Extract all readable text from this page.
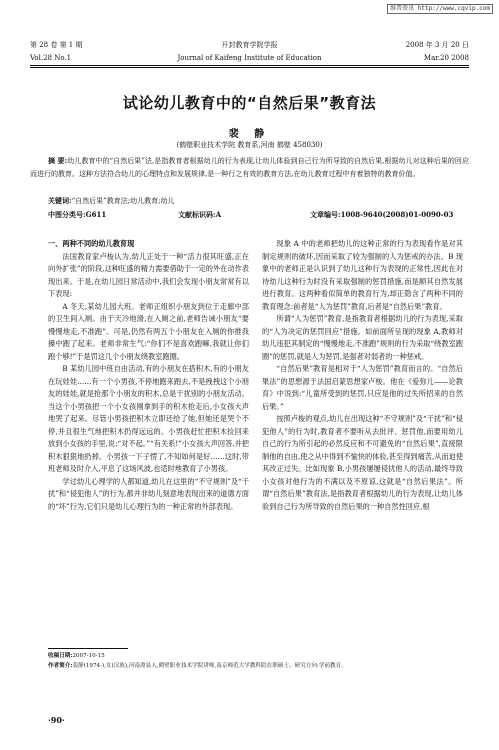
维普资讯 http://www.cqvip.com
第 28 卷 第 1 期	开封教育学院学报	2008 年 3 月 20 日
Vol.28 No.1	Journal of Kaifeng Institute of Education	Mar.20 2008
试论幼儿教育中的“自然后果”教育法
裴 静
(鹤壁职业技术学院 教育系,河南 鹤壁 458030)
摘 要:幼儿教育中的“自然后果”法,是指教育者根据幼儿的行为表现,让幼儿体验到自己行为所导致的自然后果,根据幼儿对这种后果的回应而进行的教育。这种方法符合幼儿的心理特点和发展规律,是一种行之有效的教育方法,在幼儿教育过程中有着独特的教育价值。
关键词:“自然后果”教育法;幼儿教育;幼儿
中图分类号:G611	文献标识码:A	文章编号:1008-9640(2008)01-0090-03

一、两种不同的幼儿教育现

法国教育家卢梭认为,幼儿正处于一种“活力很其旺盛,正在向外扩张”的阶段,这种旺盛的精力需要借助于一定的外在动作表现出来。于是,在幼儿园日常活动中,我们会发现小朋友常常有以下表现:

A 冬天,某幼儿园大班。老师正组织小朋友到位于走廊中部的卫生间入厕。由于天冷地滑,在入厕之前,老师告诫小朋友“要慢慢地走,不准跑”。可是,仍然有两五个小朋友在入厕的你推我搡中跑了起来。老师非常生气:“你们不是喜欢跑嘛,我就让你们跑个够!”于是罚这几个小朋友绕教室跑圈。

B 某幼儿园中班自由活动,有的小朋友在搭积木,有的小朋友在玩娃娃……有一个小男孩,不停地跑来跑去,不是拽拽这个小朋友的娃娃,就是抢那个小朋友的积木,总是干扰别的小朋友活动。当这个小男孩把一个小女孩刚拿到手的积木抢走后,小女孩大声地哭了起来。尽管小男孩把积木立即还给了她,但她还是哭个不停,并且很生气地把积木扔得远远的。小男孩赶忙把积木捡回来放到小女孩的手里,说:“对不起。”“有关系!”小女孩大声回答,并把积木狠狠地扔掉。小男孩一下子愣了,不知如何是好……这时,带班老师及时介入,平息了这场风波,也适时地教育了小男孩。

学过幼儿心理学的人都知道,幼儿在这里的“不守规则”及“干扰”和“侵犯他人”的行为,都并非幼儿刻意地表现出来的道德方面的“坏”行为,它们只是幼儿心理行为的一种正常的外部表现。

现象 A 中的老师把幼儿的这种正常的行为表现看作是对其制定规则的破坏,因而采取了较为强制的人为惩戒的办法。B 现象中的老师正是认识到了幼儿这种行为表现的正常性,因此在对待幼儿这种行为时没有采取强制的惩罚措施,而是顺其自然发展进行教育。这两种看似简单的教育行为,却正隐含了两种不同的教育理念:前者是“人为惩罚”教育,后者是“自然后果”教育。

所谓“人为惩罚”教育,是指教育者根据幼儿的行为表现,采取的“人为决定的惩罚回应”措施。如前面所呈现的现象 A,教师对幼儿违犯其制定的“慢慢地走,不准跑”规则的行为采取“绕教室跑圈”的惩罚,就是人为惩罚,是强者对弱者的一种惩戒。

“自然后果”教育是相对于“人为惩罚”教育而言的。“自然后果法”的思想源于法国启蒙思想家卢梭。他在《爱弥儿——论教育》中说到:“儿童所受到的惩罚,只应是他的过失所招来的自然后果。”

按照卢梭的观点,幼儿在出现这种“不守规则”及“干扰”和“侵犯他人”的行为时,教育者不要听从去批评、惩罚他,而要用幼儿自己的行为所引起的必然反应和不可避免的“自然后果”,直接限制他的自由,使之从中得到不愉快的体验,甚至得到痛苦,从而迫使其改正过失。比如现象 B,小男孩屡屡侵扰他人的活动,最终导致小女孩对他行为的不满以及不原谅,这就是“自然后果法”。所谓“自然后果”教育法,是指教育者根据幼儿的行为表现,让幼儿体验到自己行为所导致的自然后果的一种自然性回应,根

收稿日期:2007-10-15
作者简介:裴静(1974-),女(汉族),河南浚县人,鹤壁职业技术学院讲师,南京师范大学教科院在职硕士。研究方向:学前教育。
·90·
